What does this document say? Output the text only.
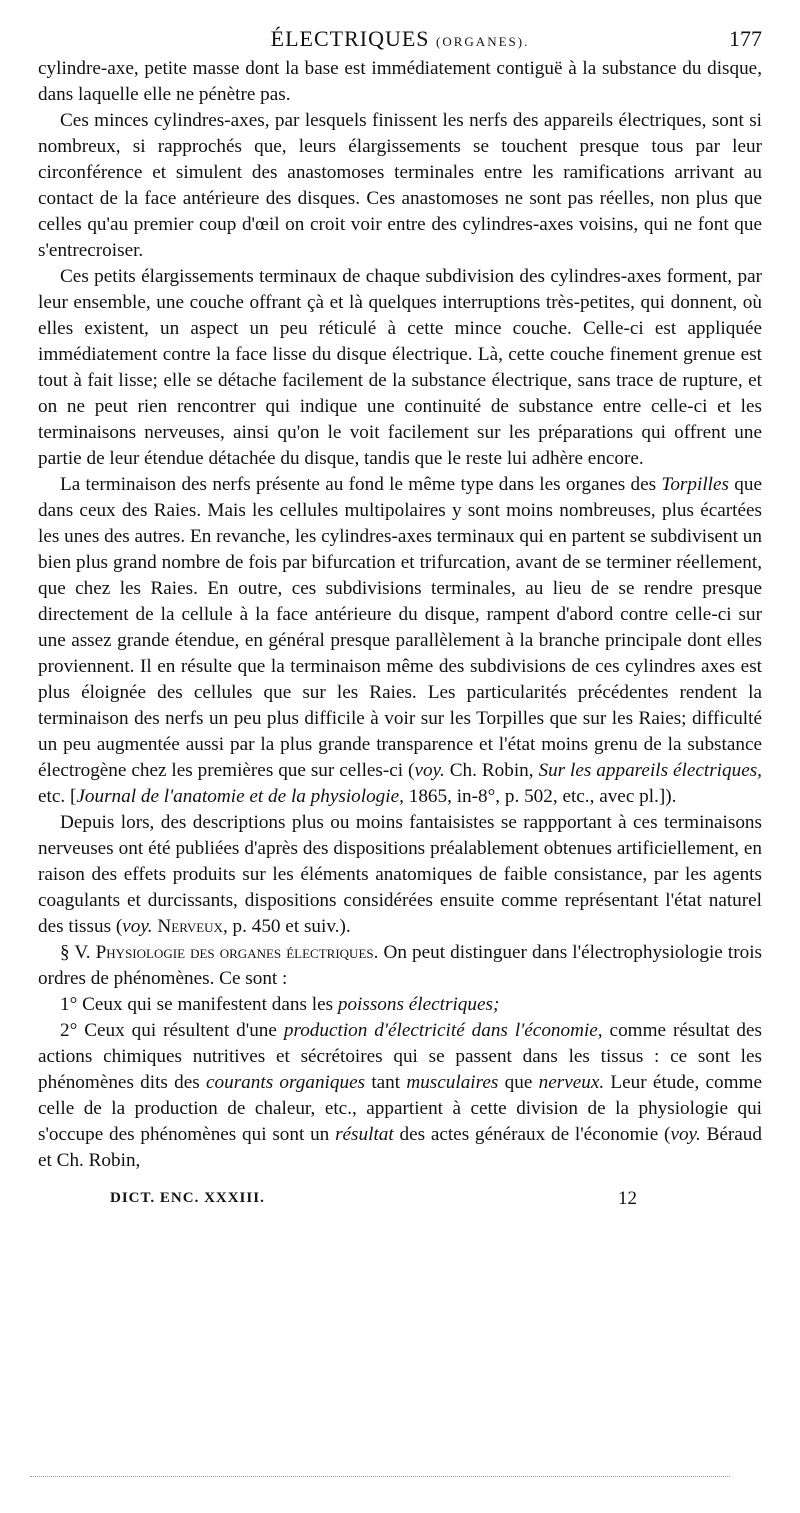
ÉLECTRIQUES (ORGANES).	177

cylindre-axe, petite masse dont la base est immédiatement contiguë à la substance du disque, dans laquelle elle ne pénètre pas.

Ces minces cylindres-axes, par lesquels finissent les nerfs des appareils électriques, sont si nombreux, si rapprochés que, leurs élargissements se touchent presque tous par leur circonférence et simulent des anastomoses terminales entre les ramifications arrivant au contact de la face antérieure des disques. Ces anastomoses ne sont pas réelles, non plus que celles qu'au premier coup d'œil on croit voir entre des cylindres-axes voisins, qui ne font que s'entrecroiser.

Ces petits élargissements terminaux de chaque subdivision des cylindres-axes forment, par leur ensemble, une couche offrant çà et là quelques interruptions très-petites, qui donnent, où elles existent, un aspect un peu réticulé à cette mince couche. Celle-ci est appliquée immédiatement contre la face lisse du disque électrique. Là, cette couche finement grenue est tout à fait lisse; elle se détache facilement de la substance électrique, sans trace de rupture, et on ne peut rien rencontrer qui indique une continuité de substance entre celle-ci et les terminaisons nerveuses, ainsi qu'on le voit facilement sur les préparations qui offrent une partie de leur étendue détachée du disque, tandis que le reste lui adhère encore.

La terminaison des nerfs présente au fond le même type dans les organes des Torpilles que dans ceux des Raies. Mais les cellules multipolaires y sont moins nombreuses, plus écartées les unes des autres. En revanche, les cylindres-axes terminaux qui en partent se subdivisent un bien plus grand nombre de fois par bifurcation et trifurcation, avant de se terminer réellement, que chez les Raies. En outre, ces subdivisions terminales, au lieu de se rendre presque directement de la cellule à la face antérieure du disque, rampent d'abord contre celle-ci sur une assez grande étendue, en général presque parallèlement à la branche principale dont elles proviennent. Il en résulte que la terminaison même des subdivisions de ces cylindres axes est plus éloignée des cellules que sur les Raies. Les particularités précédentes rendent la terminaison des nerfs un peu plus difficile à voir sur les Torpilles que sur les Raies; difficulté un peu augmentée aussi par la plus grande transparence et l'état moins grenu de la substance électrogène chez les premières que sur celles-ci (voy. Ch. Robin, Sur les appareils électriques, etc. [Journal de l'anatomie et de la physiologie, 1865, in-8°, p. 502, etc., avec pl.]).

Depuis lors, des descriptions plus ou moins fantaisistes se rappportant à ces terminaisons nerveuses ont été publiées d'après des dispositions préalablement obtenues artificiellement, en raison des effets produits sur les éléments anatomiques de faible consistance, par les agents coagulants et durcissants, dispositions considérées ensuite comme représentant l'état naturel des tissus (voy. Nerveux, p. 450 et suiv.).

§ V. Physiologie des organes électriques. On peut distinguer dans l'électrophysiologie trois ordres de phénomènes. Ce sont :

1° Ceux qui se manifestent dans les poissons électriques;

2° Ceux qui résultent d'une production d'électricité dans l'économie, comme résultat des actions chimiques nutritives et sécrétoires qui se passent dans les tissus : ce sont les phénomènes dits des courants organiques tant musculaires que nerveux. Leur étude, comme celle de la production de chaleur, etc., appartient à cette division de la physiologie qui s'occupe des phénomènes qui sont un résultat des actes généraux de l'économie (voy. Béraud et Ch. Robin,

DICT. ENC. XXXIII.	12
